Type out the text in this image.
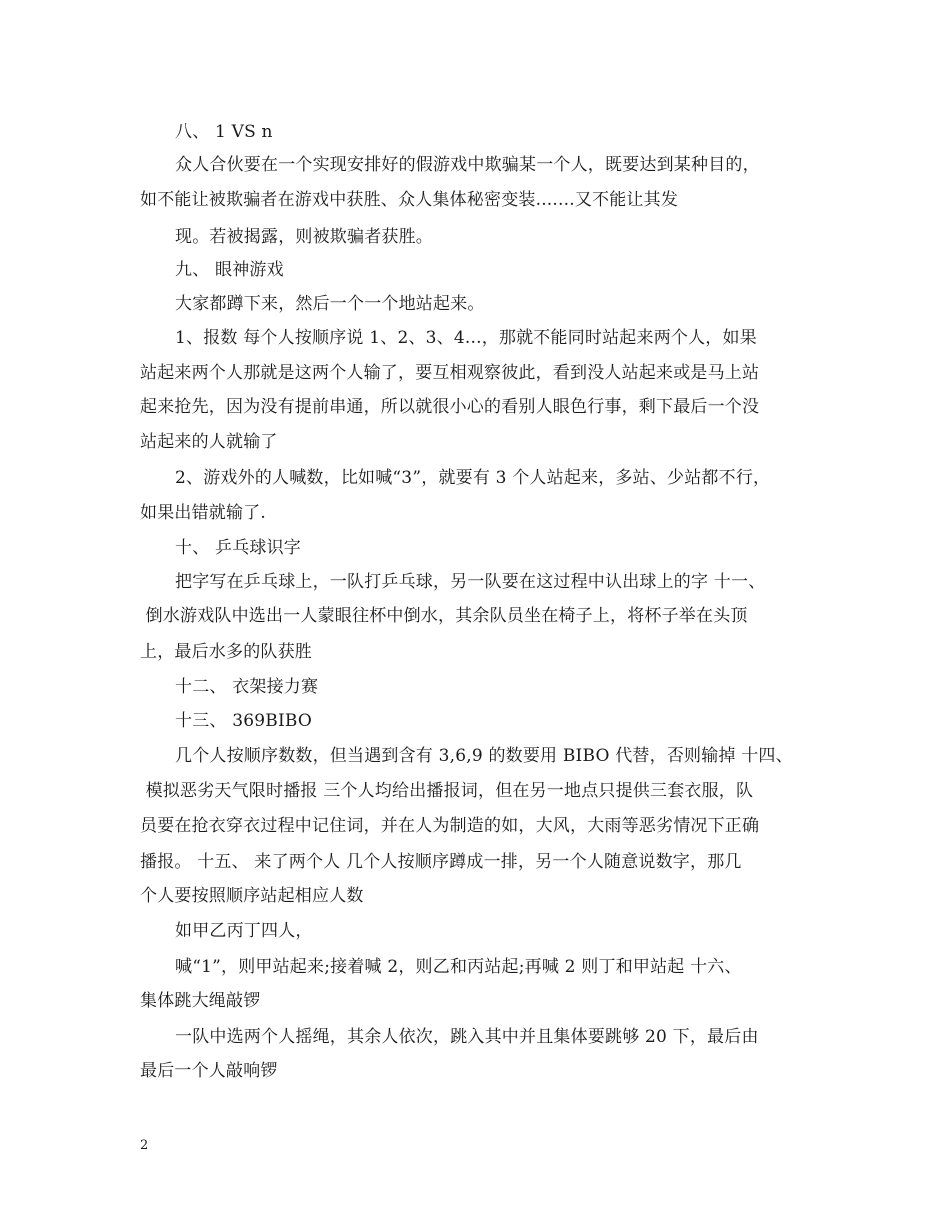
八、 1 VS n
众人合伙要在一个实现安排好的假游戏中欺骗某一个人，既要达到某种目的，
如不能让被欺骗者在游戏中获胜、众人集体秘密变装.......又不能让其发
现。若被揭露，则被欺骗者获胜。
九、 眼神游戏
大家都蹲下来，然后一个一个地站起来。
1、报数 每个人按顺序说 1、2、3、4...，那就不能同时站起来两个人，如果
站起来两个人那就是这两个人输了，要互相观察彼此，看到没人站起来或是马上站
起来抢先，因为没有提前串通，所以就很小心的看别人眼色行事，剩下最后一个没
站起来的人就输了
2、游戏外的人喊数，比如喊“3”，就要有 3 个人站起来，多站、少站都不行，
如果出错就输了.
十、 乒乓球识字
把字写在乒乓球上，一队打乒乓球，另一队要在这过程中认出球上的字 十一、
倒水游戏队中选出一人蒙眼往杯中倒水，其余队员坐在椅子上，将杯子举在头顶
上，最后水多的队获胜
十二、 衣架接力赛
十三、 369BIBO
几个人按顺序数数，但当遇到含有 3,6,9 的数要用 BIBO 代替，否则输掉 十四、
模拟恶劣天气限时播报 三个人均给出播报词，但在另一地点只提供三套衣服，队
员要在抢衣穿衣过程中记住词，并在人为制造的如，大风，大雨等恶劣情况下正确
播报。 十五、 来了两个人 几个人按顺序蹲成一排，另一个人随意说数字，那几
个人要按照顺序站起相应人数
如甲乙丙丁四人，
喊“1”，则甲站起来;接着喊 2，则乙和丙站起;再喊 2 则丁和甲站起 十六、
集体跳大绳敲锣
一队中选两个人摇绳，其余人依次，跳入其中并且集体要跳够 20 下，最后由
最后一个人敲响锣
2
